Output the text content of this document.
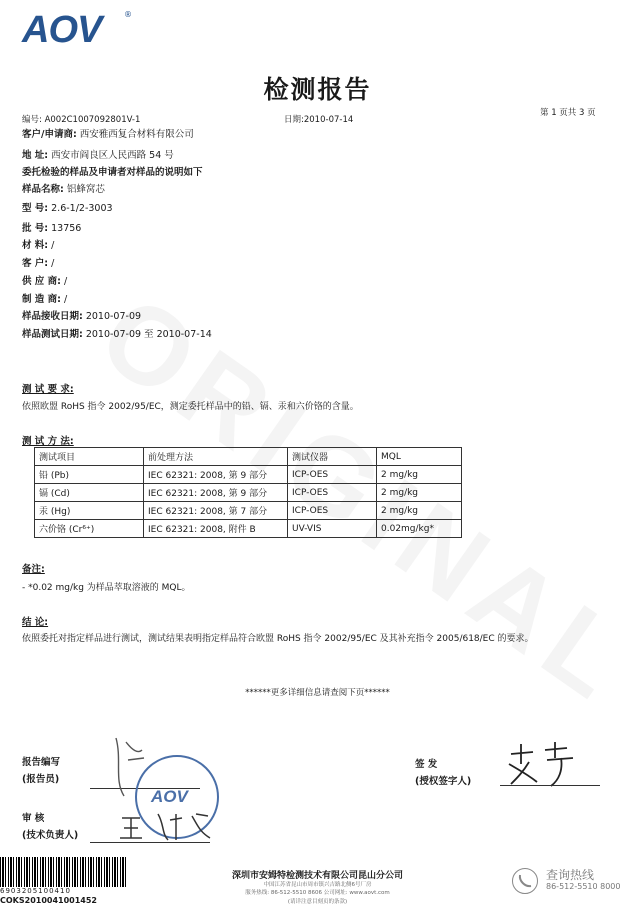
AOV	®
检测报告
编号: A002C1007092801V-1	日期:2010-07-14
第 1 页共 3 页
客户/申请商: 西安雅西复合材料有限公司
地 址: 西安市阎良区人民西路 54 号
委托检验的样品及申请者对样品的说明如下
样品名称: 铝蜂窝芯
型 号: 2.6-1/2-3003
批 号: 13756
材 料: /
客 户: /
供 应 商: /
制 造 商: /
样品接收日期: 2010-07-09
样品测试日期: 2010-07-09 至 2010-07-14
测 试 要 求:
依照欧盟 RoHS 指令 2002/95/EC，测定委托样品中的铅、镉、汞和六价铬的含量。
测 试 方 法:
测试项目	前处理方法	测试仪器	MQL
铅 (Pb)	IEC 62321: 2008, 第 9 部分	ICP-OES	2 mg/kg
镉 (Cd)	IEC 62321: 2008, 第 9 部分	ICP-OES	2 mg/kg
汞 (Hg)	IEC 62321: 2008, 第 7 部分	ICP-OES	2 mg/kg
六价铬 (Cr⁶⁺)	IEC 62321: 2008, 附件 B	UV-VIS	0.02mg/kg*
备注:
- *0.02 mg/kg 为样品萃取溶液的 MQL。
结 论:
依照委托对指定样品进行测试，测试结果表明指定样品符合欧盟 RoHS 指令 2002/95/EC 及其补充指令 2005/618/EC 的要求。
******更多详细信息请查阅下页******
报告编写
(报告员)
AOV
审 核
(技术负责人)
签 发
(授权签字人)
6903205100410
COKS2010041001452
深圳市安姆特检测技术有限公司昆山分公司
中国江苏省昆山市周市镇兴吉路北侧6号厂房
服务热线: 86-512-5510 8606 公司网址: www.aovt.com
(请详注意目刻页的条款)
查询热线
86-512-5510 8000
